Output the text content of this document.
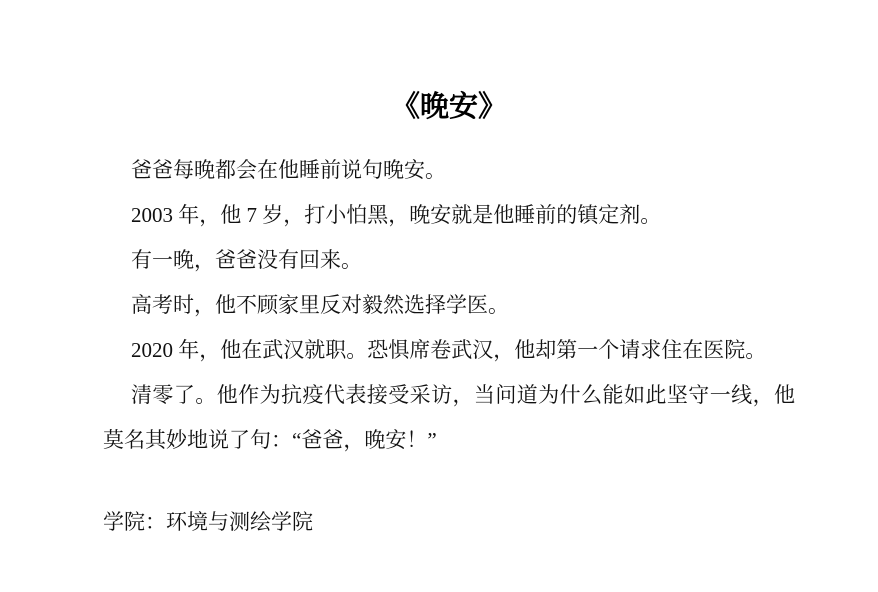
《晚安》

爸爸每晚都会在他睡前说句晚安。

2003 年，他 7 岁，打小怕黑，晚安就是他睡前的镇定剂。

有一晚，爸爸没有回来。

高考时，他不顾家里反对毅然选择学医。

2020 年，他在武汉就职。恐惧席卷武汉，他却第一个请求住在医院。

清零了。他作为抗疫代表接受采访，当问道为什么能如此坚守一线，他莫名其妙地说了句：“爸爸，晚安！”

学院：环境与测绘学院
